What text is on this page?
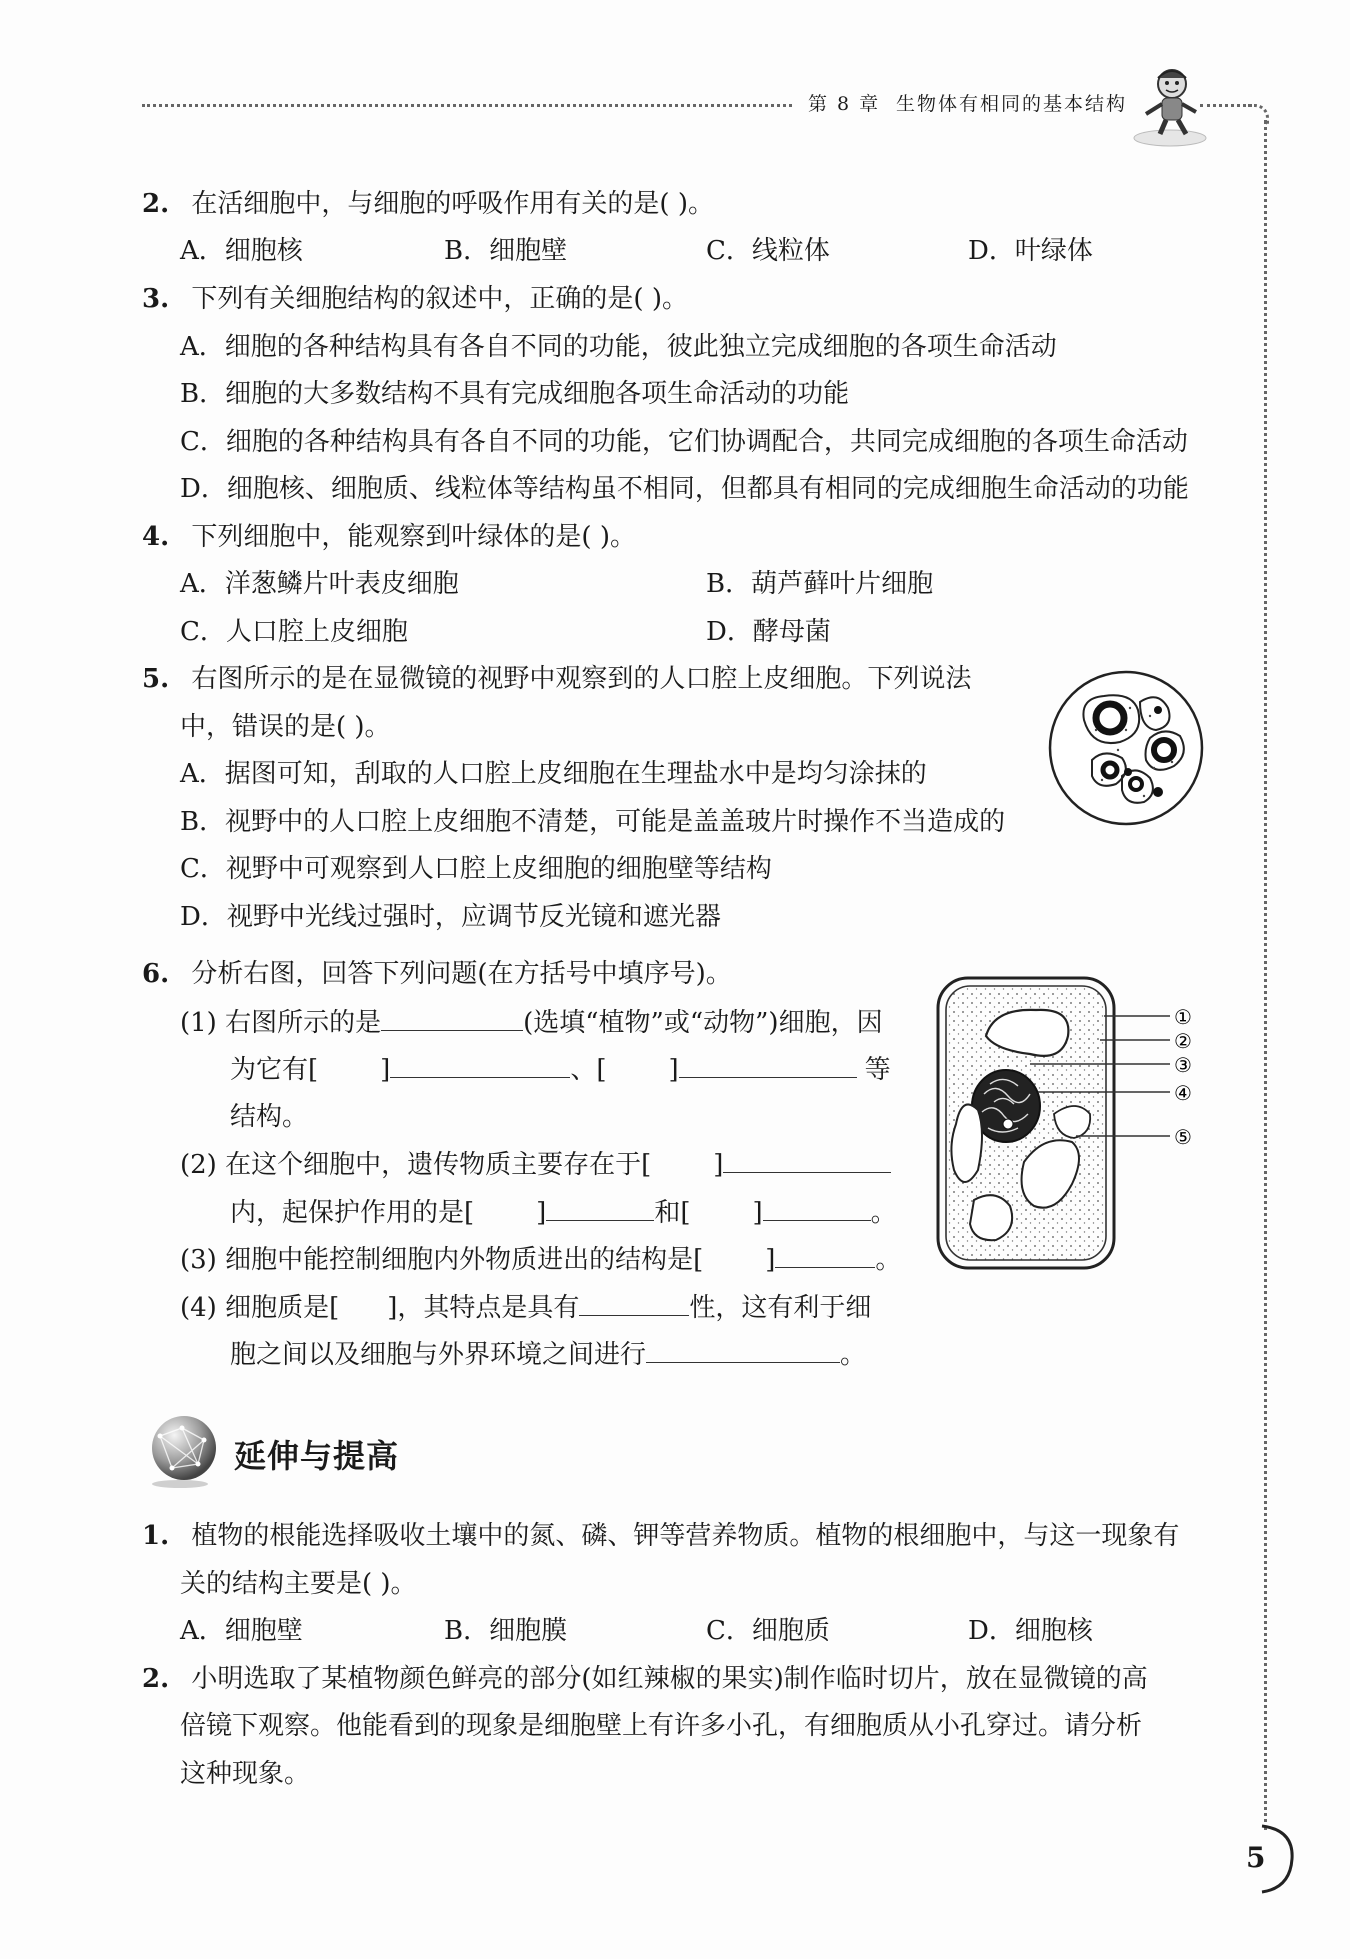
第 8 章 生物体有相同的基本结构
2. 在活细胞中，与细胞的呼吸作用有关的是( )。
A．细胞核	B．细胞壁	C．线粒体	D．叶绿体
3. 下列有关细胞结构的叙述中，正确的是( )。
A．细胞的各种结构具有各自不同的功能，彼此独立完成细胞的各项生命活动
B．细胞的大多数结构不具有完成细胞各项生命活动的功能
C．细胞的各种结构具有各自不同的功能，它们协调配合，共同完成细胞的各项生命活动
D．细胞核、细胞质、线粒体等结构虽不相同，但都具有相同的完成细胞生命活动的功能
4. 下列细胞中，能观察到叶绿体的是( )。
A．洋葱鳞片叶表皮细胞	B．葫芦藓叶片细胞
C．人口腔上皮细胞	D．酵母菌
5. 右图所示的是在显微镜的视野中观察到的人口腔上皮细胞。下列说法
中，错误的是( )。
A．据图可知，刮取的人口腔上皮细胞在生理盐水中是均匀涂抹的
B．视野中的人口腔上皮细胞不清楚，可能是盖盖玻片时操作不当造成的
C．视野中可观察到人口腔上皮细胞的细胞壁等结构
D．视野中光线过强时，应调节反光镜和遮光器
6. 分析右图，回答下列问题(在方括号中填序号)。
(1) 右图所示的是	(选填“植物”或“动物”)细胞，因
为它有[ ]	、[ ]	等
结构。
(2) 在这个细胞中，遗传物质主要存在于[ ]
内，起保护作用的是[ ]	和[ ]	。
(3) 细胞中能控制细胞内外物质进出的结构是[ ]	。
(4) 细胞质是[ ]，其特点是具有	性，这有利于细
胞之间以及细胞与外界环境之间进行	。
①
②
③
④
⑤
延伸与提高
1. 植物的根能选择吸收土壤中的氮、磷、钾等营养物质。植物的根细胞中，与这一现象有
关的结构主要是( )。
A．细胞壁	B．细胞膜	C．细胞质	D．细胞核
2. 小明选取了某植物颜色鲜亮的部分(如红辣椒的果实)制作临时切片，放在显微镜的高
倍镜下观察。他能看到的现象是细胞壁上有许多小孔，有细胞质从小孔穿过。请分析
这种现象。
5
